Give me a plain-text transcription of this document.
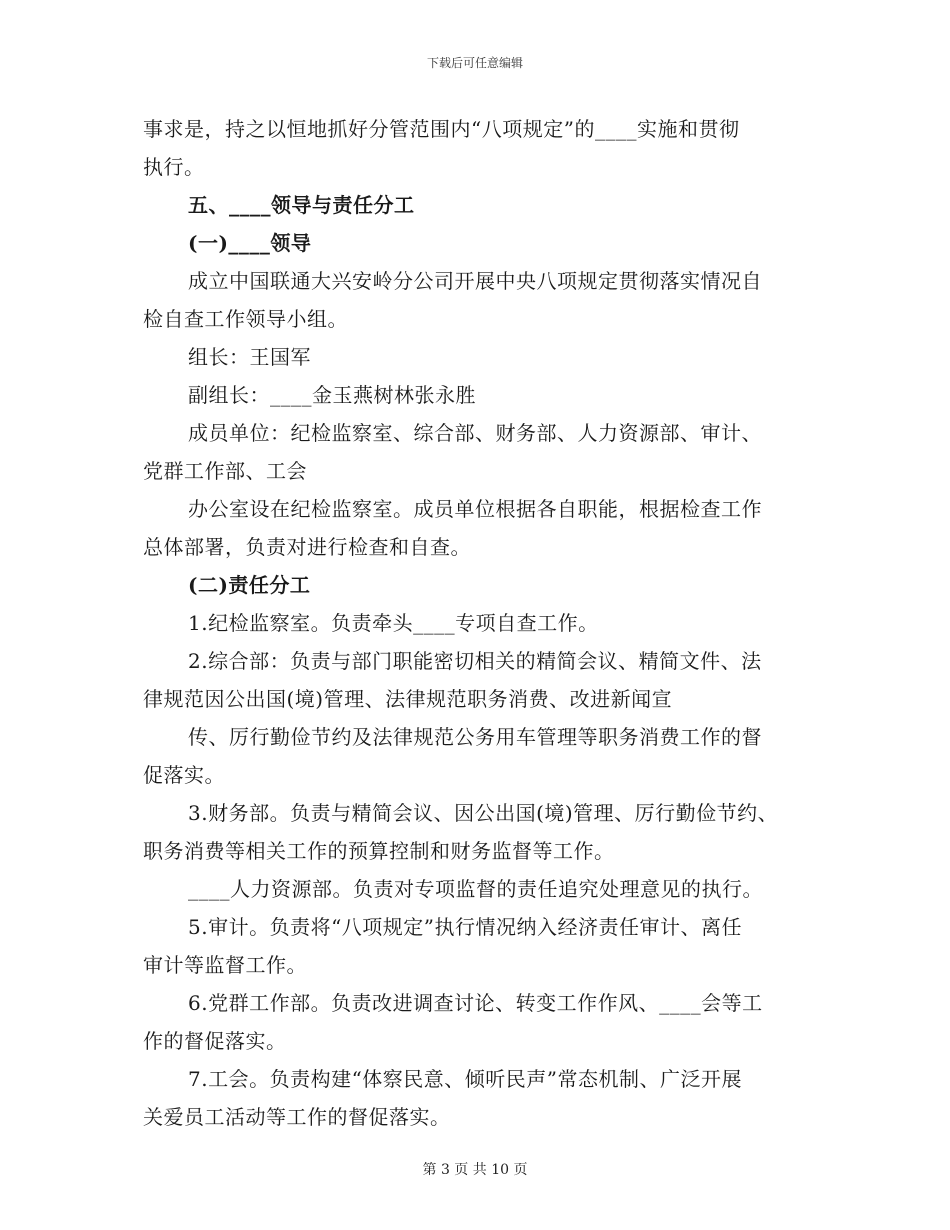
下载后可任意编辑

事求是，持之以恒地抓好分管范围内“八项规定”的____实施和贯彻

执行。

五、____领导与责任分工

(一)____领导

成立中国联通大兴安岭分公司开展中央八项规定贯彻落实情况自

检自查工作领导小组。

组长：王国军

副组长：____金玉燕树林张永胜

成员单位：纪检监察室、综合部、财务部、人力资源部、审计、

党群工作部、工会

办公室设在纪检监察室。成员单位根据各自职能，根据检查工作

总体部署，负责对进行检查和自查。

(二)责任分工

1.纪检监察室。负责牵头____专项自查工作。

2.综合部：负责与部门职能密切相关的精简会议、精简文件、法

律规范因公出国(境)管理、法律规范职务消费、改进新闻宣

传、厉行勤俭节约及法律规范公务用车管理等职务消费工作的督

促落实。

3.财务部。负责与精简会议、因公出国(境)管理、厉行勤俭节约、

职务消费等相关工作的预算控制和财务监督等工作。

____人力资源部。负责对专项监督的责任追究处理意见的执行。

5.审计。负责将“八项规定”执行情况纳入经济责任审计、离任

审计等监督工作。

6.党群工作部。负责改进调查讨论、转变工作作风、____会等工

作的督促落实。

7.工会。负责构建“体察民意、倾听民声”常态机制、广泛开展

关爱员工活动等工作的督促落实。

第 3 页 共 10 页
